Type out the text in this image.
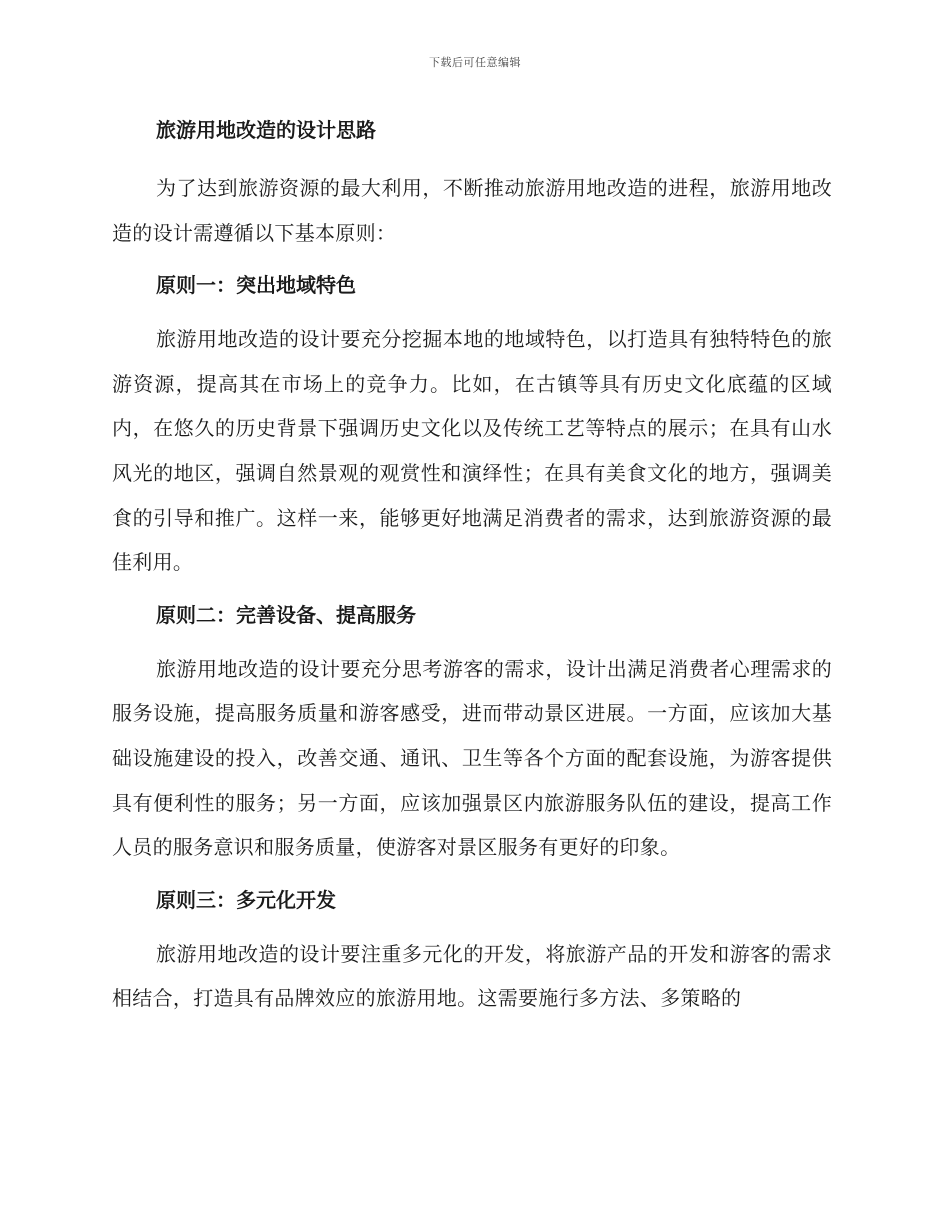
下载后可任意编辑
旅游用地改造的设计思路

为了达到旅游资源的最大利用，不断推动旅游用地改造的进程，旅游用地改造的设计需遵循以下基本原则：

原则一：突出地域特色

旅游用地改造的设计要充分挖掘本地的地域特色，以打造具有独特特色的旅游资源，提高其在市场上的竞争力。比如，在古镇等具有历史文化底蕴的区域内，在悠久的历史背景下强调历史文化以及传统工艺等特点的展示；在具有山水风光的地区，强调自然景观的观赏性和演绎性；在具有美食文化的地方，强调美食的引导和推广。这样一来，能够更好地满足消费者的需求，达到旅游资源的最佳利用。

原则二：完善设备、提高服务

旅游用地改造的设计要充分思考游客的需求，设计出满足消费者心理需求的服务设施，提高服务质量和游客感受，进而带动景区进展。一方面，应该加大基础设施建设的投入，改善交通、通讯、卫生等各个方面的配套设施，为游客提供具有便利性的服务；另一方面，应该加强景区内旅游服务队伍的建设，提高工作人员的服务意识和服务质量，使游客对景区服务有更好的印象。

原则三：多元化开发

旅游用地改造的设计要注重多元化的开发，将旅游产品的开发和游客的需求相结合，打造具有品牌效应的旅游用地。这需要施行多方法、多策略的
